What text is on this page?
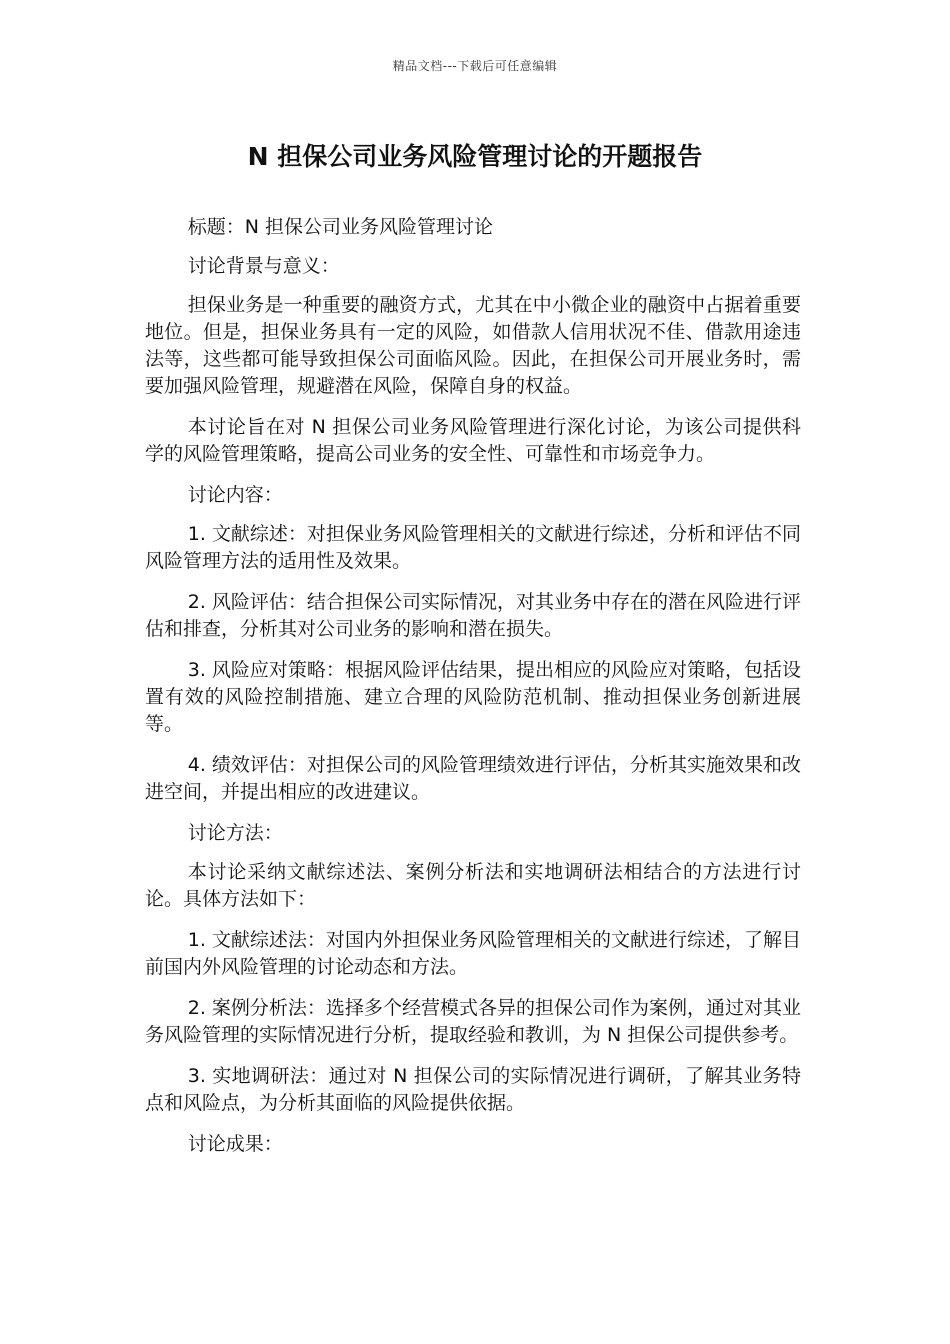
精品文档---下载后可任意编辑
N 担保公司业务风险管理讨论的开题报告

标题：N 担保公司业务风险管理讨论

讨论背景与意义：

担保业务是一种重要的融资方式，尤其在中小微企业的融资中占据着重要地位。但是，担保业务具有一定的风险，如借款人信用状况不佳、借款用途违法等，这些都可能导致担保公司面临风险。因此，在担保公司开展业务时，需要加强风险管理，规避潜在风险，保障自身的权益。

本讨论旨在对 N 担保公司业务风险管理进行深化讨论，为该公司提供科学的风险管理策略，提高公司业务的安全性、可靠性和市场竞争力。

讨论内容：

1. 文献综述：对担保业务风险管理相关的文献进行综述，分析和评估不同风险管理方法的适用性及效果。

2. 风险评估：结合担保公司实际情况，对其业务中存在的潜在风险进行评估和排查，分析其对公司业务的影响和潜在损失。

3. 风险应对策略：根据风险评估结果，提出相应的风险应对策略，包括设置有效的风险控制措施、建立合理的风险防范机制、推动担保业务创新进展等。

4. 绩效评估：对担保公司的风险管理绩效进行评估，分析其实施效果和改进空间，并提出相应的改进建议。

讨论方法：

本讨论采纳文献综述法、案例分析法和实地调研法相结合的方法进行讨论。具体方法如下：

1. 文献综述法：对国内外担保业务风险管理相关的文献进行综述，了解目前国内外风险管理的讨论动态和方法。

2. 案例分析法：选择多个经营模式各异的担保公司作为案例，通过对其业务风险管理的实际情况进行分析，提取经验和教训，为 N 担保公司提供参考。

3. 实地调研法：通过对 N 担保公司的实际情况进行调研，了解其业务特点和风险点，为分析其面临的风险提供依据。

讨论成果：
